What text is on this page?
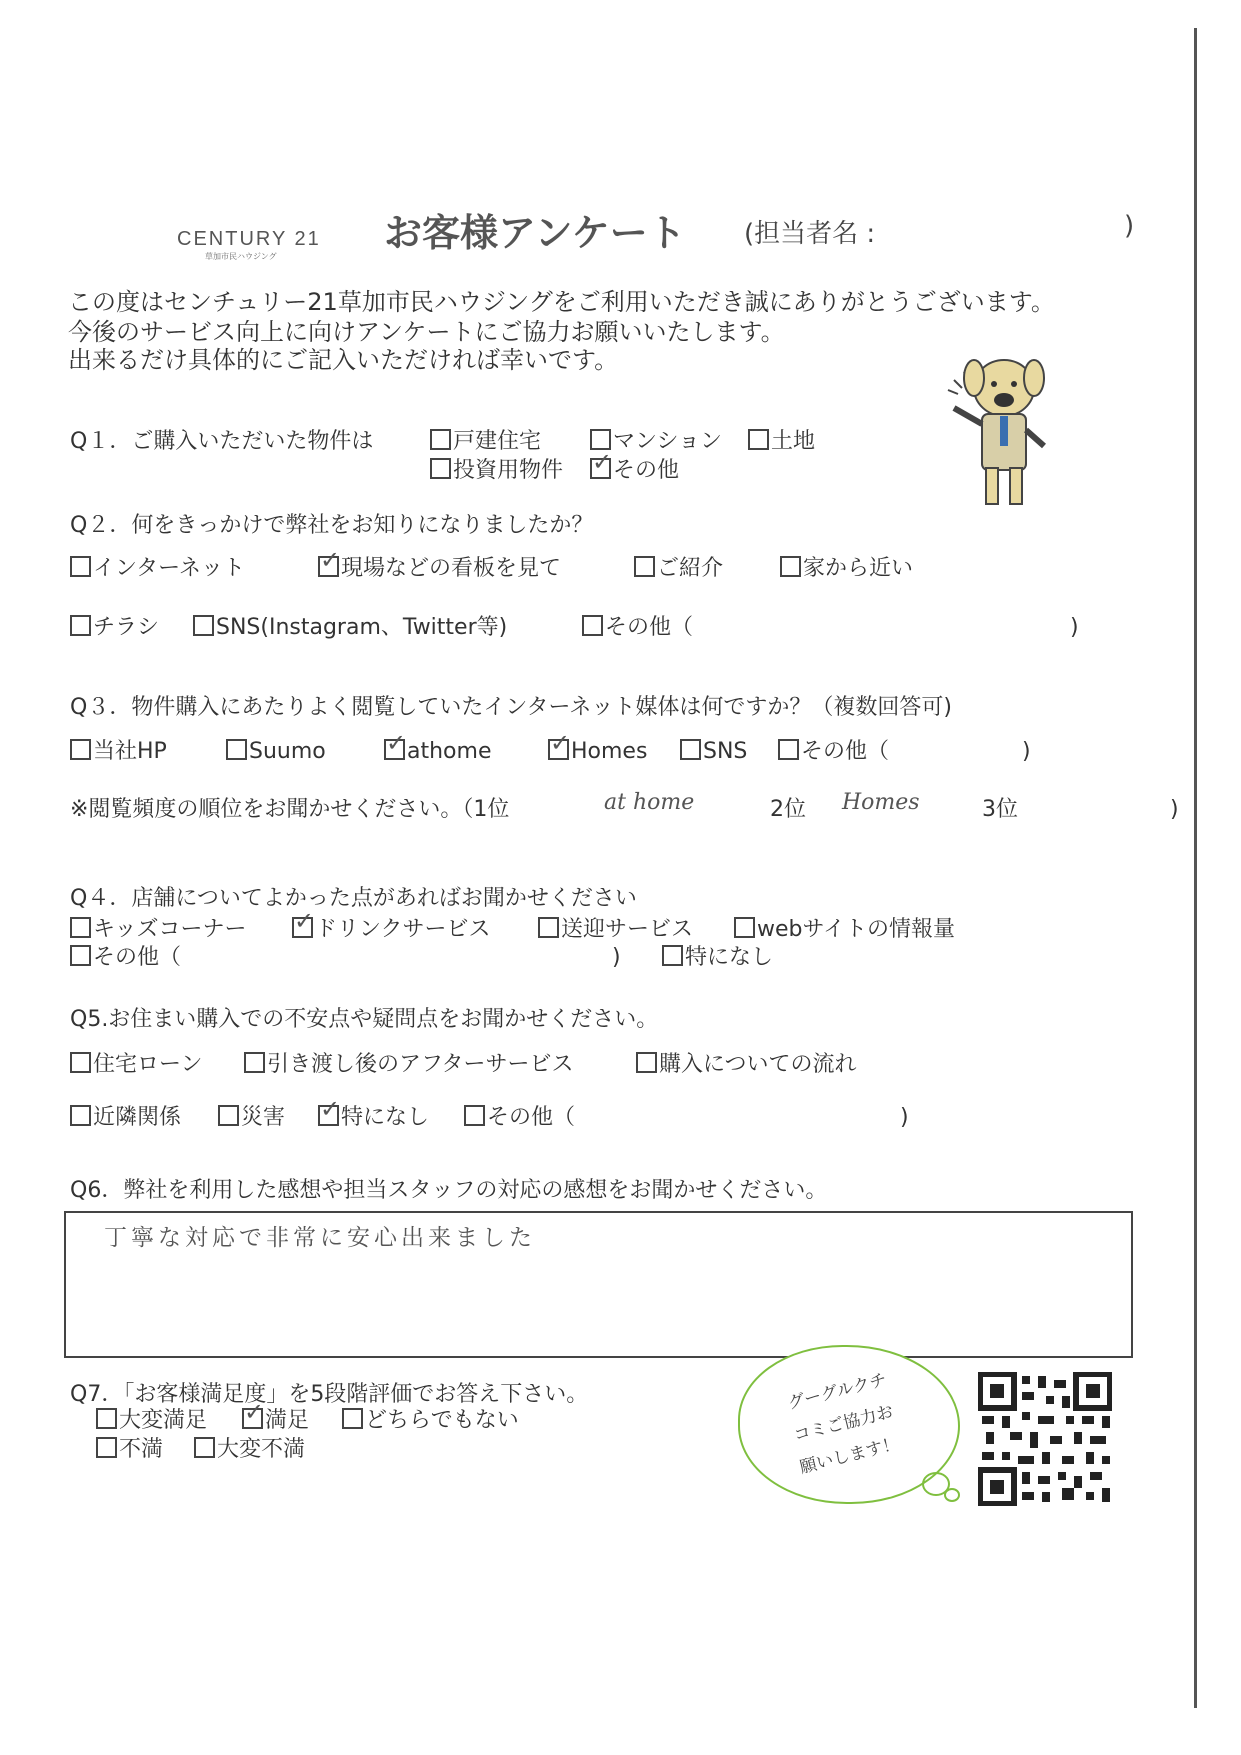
CENTURY 21
草加市民ハウジング
お客様アンケート (担当者名 :	)
この度はセンチュリー21草加市民ハウジングをご利用いただき誠にありがとうございます。
今後のサービス向上に向けアンケートにご協力お願いいたします。
出来るだけ具体的にご記入いただければ幸いです。
Q１．ご購入いただいた物件は	戸建住宅	マンション	土地
投資用物件 ✓	その他
Q２．何をきっかけで弊社をお知りになりましたか？
インターネット ✓	現場などの看板を見て	ご紹介	家から近い
チラシ	SNS(Instagram、Twitter等)	その他（	)
Q３．物件購入にあたりよく閲覧していたインターネット媒体は何ですか？（複数回答可)
当社HP	Suumo ✓	athome ✓	Homes	SNS	その他（	)
※閲覧頻度の順位をお聞かせください。（1位	at home	2位 Homes	3位	)
Q４．店舗についてよかった点があればお聞かせください
キッズコーナー ✓	ドリンクサービス	送迎サービス	webサイトの情報量
その他（	)	特になし
Q5.お住まい購入での不安点や疑問点をお聞かせください。
住宅ローン	引き渡し後のアフターサービス	購入についての流れ
近隣関係	災害 ✓	特になし	その他（	)
Q6．弊社を利用した感想や担当スタッフの対応の感想をお聞かせください。
丁寧な対応で非常に安心出来ました
Q7．「お客様満足度」を5段階評価でお答え下さい。
大変満足 ✓	満足	どちらでもない
不満	大変不満
グーグルクチ
コミご協力お
願いします！
